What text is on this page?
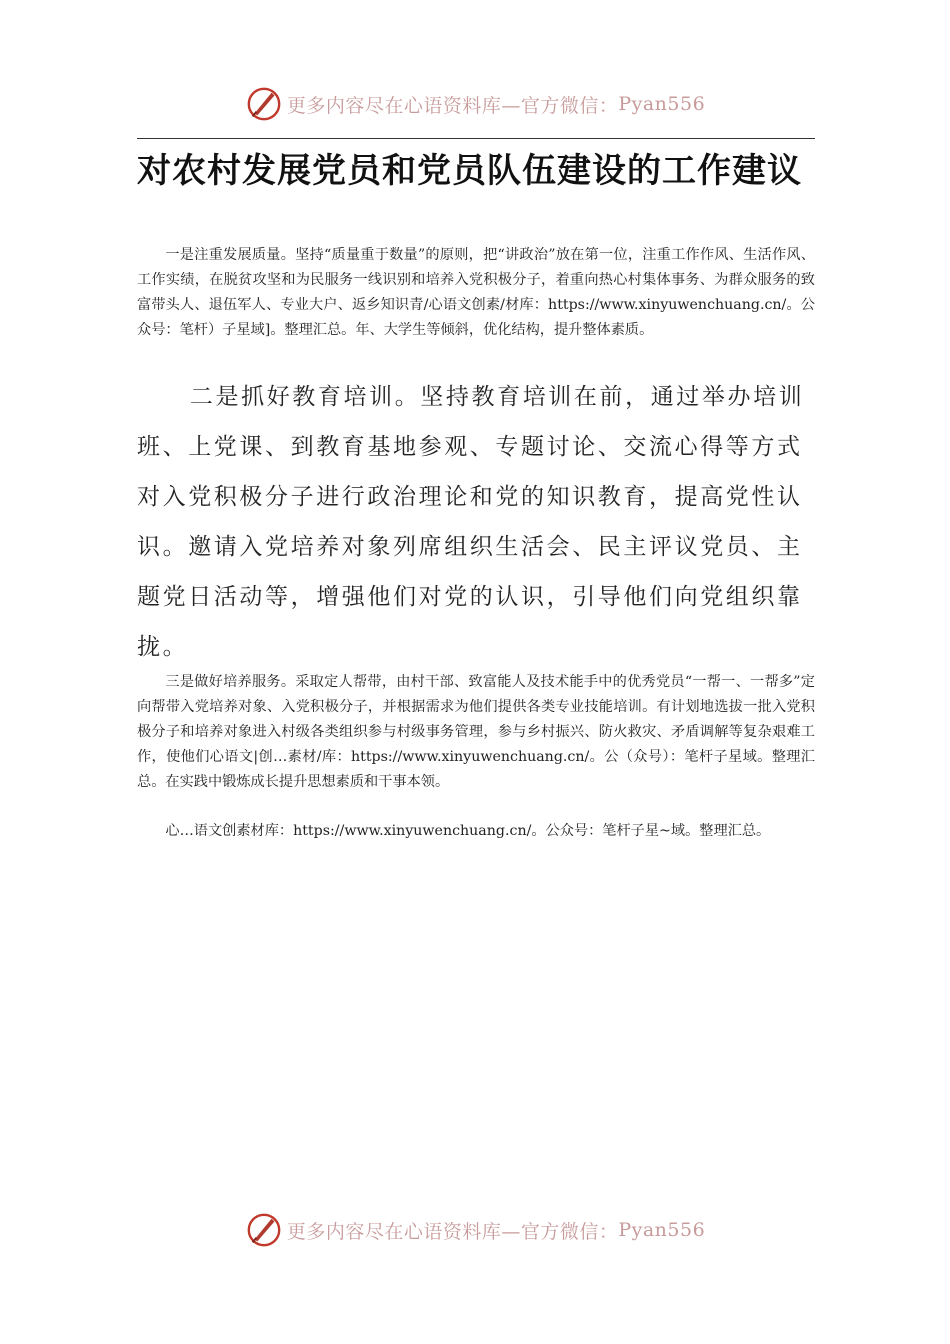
更多内容尽在心语资料库—官方微信： Pyan556
对农村发展党员和党员队伍建设的工作建议

一是注重发展质量。坚持“质量重于数量”的原则，把“讲政治”放在第一位，注重工作作风、生活作风、工作实绩，在脱贫攻坚和为民服务一线识别和培养入党积极分子，着重向热心村集体事务、为群众服务的致富带头人、退伍军人、专业大户、返乡知识青/心语文创素/材库：https://www.xinyuwenchuang.cn/。公众号：笔杆）子星域]。整理汇总。年、大学生等倾斜，优化结构，提升整体素质。

二是抓好教育培训。坚持教育培训在前，通过举办培训班、上党课、到教育基地参观、专题讨论、交流心得等方式对入党积极分子进行政治理论和党的知识教育，提高党性认识。邀请入党培养对象列席组织生活会、民主评议党员、主题党日活动等，增强他们对党的认识，引导他们向党组织靠拢。

三是做好培养服务。采取定人帮带，由村干部、致富能人及技术能手中的优秀党员“一帮一、一帮多”定向帮带入党培养对象、入党积极分子，并根据需求为他们提供各类专业技能培训。有计划地选拔一批入党积极分子和培养对象进入村级各类组织参与村级事务管理，参与乡村振兴、防火救灾、矛盾调解等复杂艰难工作，使他们心语文|创…素材/库：https://www.xinyuwenchuang.cn/。公（众号）：笔杆子星域。整理汇总。在实践中锻炼成长提升思想素质和干事本领。

心…语文创素材库：https://www.xinyuwenchuang.cn/。公众号：笔杆子星~域。整理汇总。

更多内容尽在心语资料库—官方微信： Pyan556
